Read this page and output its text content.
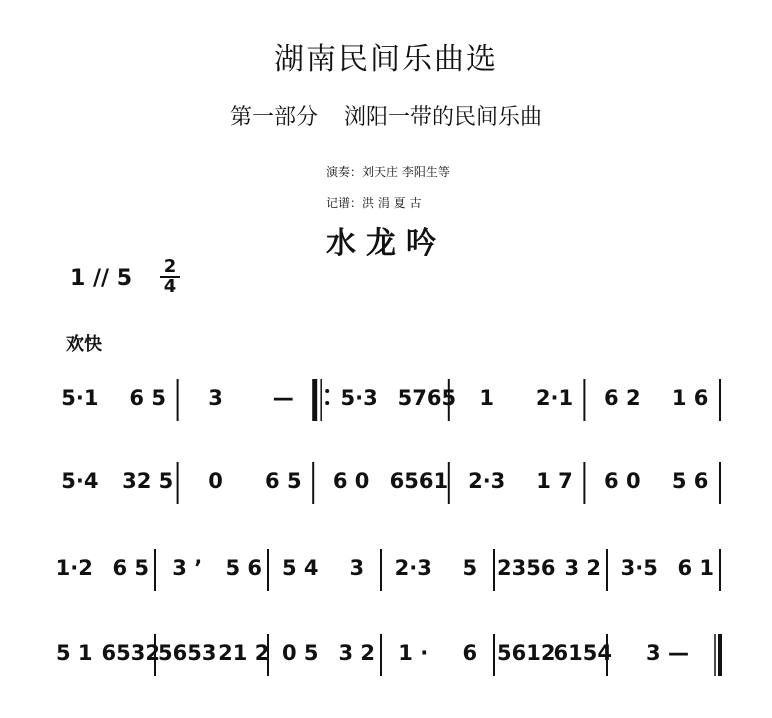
湖南民间乐曲选
第一部分 浏阳一带的民间乐曲
演奏：刘天庄 李阳生等
记谱：洪 涓 夏 古
水龙吟
1 // 5 2
4
欢快
5·1 6 5 3 — 5·3 5765 1 2·1 6 2 1 6
5·4 32 5 0 6 5 6 0 6561 2·3 1 7 6 0 5 6
1·2 6 5 3 ’ 5 6 5 4 3 2·3 5 2356 3 2 3·5 6 1
5 1 6532
5653 21 2 0 5 3 2 1 · 6 5612
6154 3 —
